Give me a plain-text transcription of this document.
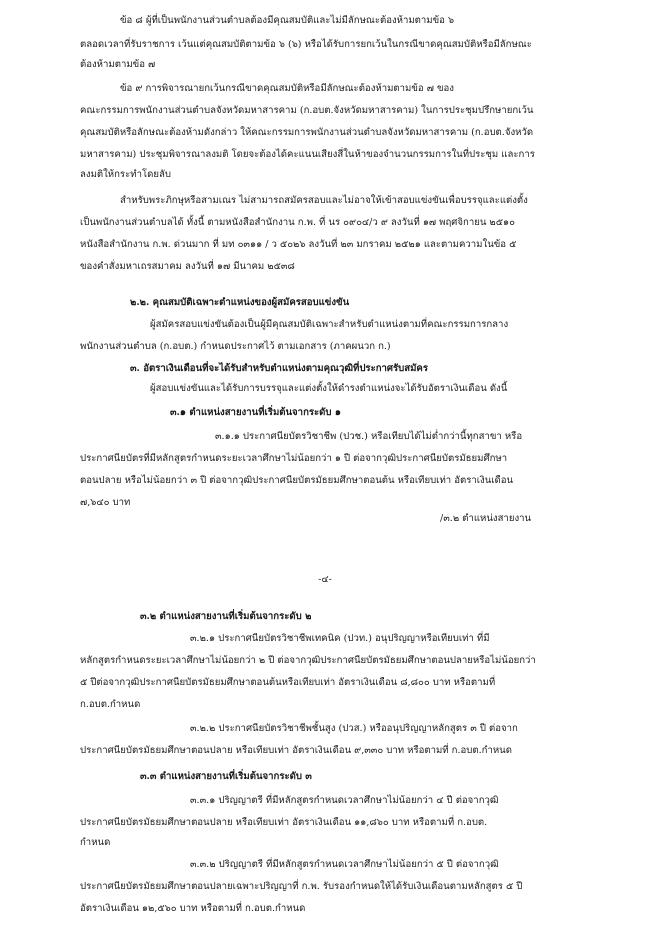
ข้อ ๘ ผู้ที่เป็นพนักงานส่วนตำบลต้องมีคุณสมบัติและไม่มีลักษณะต้องห้ามตามข้อ ๖
ตลอดเวลาที่รับราชการ เว้นแต่คุณสมบัติตามข้อ ๖ (๖) หรือได้รับการยกเว้นในกรณีขาดคุณสมบัติหรือมีลักษณะ
ต้องห้ามตามข้อ ๗
ข้อ ๙ การพิจารณายกเว้นกรณีขาดคุณสมบัติหรือมีลักษณะต้องห้ามตามข้อ ๗ ของ
คณะกรรมการพนักงานส่วนตำบลจังหวัดมหาสารคาม (ก.อบต.จังหวัดมหาสารคาม) ในการประชุมปรึกษายกเว้น
คุณสมบัติหรือลักษณะต้องห้ามดังกล่าว ให้คณะกรรมการพนักงานส่วนตำบลจังหวัดมหาสารคาม (ก.อบต.จังหวัด
มหาสารคาม) ประชุมพิจารณาลงมติ โดยจะต้องได้คะแนนเสียงสี่ในห้าของจำนวนกรรมการในที่ประชุม และการ
ลงมติให้กระทำโดยลับ
สำหรับพระภิกษุหรือสามเณร ไม่สามารถสมัครสอบและไม่อาจให้เข้าสอบแข่งขันเพื่อบรรจุและแต่งตั้ง
เป็นพนักงานส่วนตำบลได้ ทั้งนี้ ตามหนังสือสำนักงาน ก.พ. ที่ นร ๐๙๐๔/ว ๙ ลงวันที่ ๑๗ พฤศจิกายน ๒๕๑๐
หนังสือสำนักงาน ก.พ. ด่วนมาก ที่ มท ๐๓๑๑ / ว ๕๐๒๖ ลงวันที่ ๒๓ มกราคม ๒๕๒๑ และตามความในข้อ ๕
ของคำสั่งมหาเถรสมาคม ลงวันที่ ๑๗ มีนาคม ๒๕๓๘
๒.๒. คุณสมบัติเฉพาะตำแหน่งของผู้สมัครสอบแข่งขัน
ผู้สมัครสอบแข่งขันต้องเป็นผู้มีคุณสมบัติเฉพาะสำหรับตำแหน่งตามที่คณะกรรมการกลาง
พนักงานส่วนตำบล (ก.อบต.) กำหนดประกาศไว้ ตามเอกสาร (ภาคผนวก ก.)
๓. อัตราเงินเดือนที่จะได้รับสำหรับตำแหน่งตามคุณวุฒิที่ประกาศรับสมัคร
ผู้สอบแข่งขันและได้รับการบรรจุและแต่งตั้งให้ดำรงตำแหน่งจะได้รับอัตราเงินเดือน ดังนี้
๓.๑ ตำแหน่งสายงานที่เริ่มต้นจากระดับ ๑
๓.๑.๑ ประกาศนียบัตรวิชาชีพ (ปวช.) หรือเทียบได้ไม่ต่ำกว่านี้ทุกสาขา หรือ
ประกาศนียบัตรที่มีหลักสูตรกำหนดระยะเวลาศึกษาไม่น้อยกว่า ๑ ปี ต่อจากวุฒิประกาศนียบัตรมัธยมศึกษา
ตอนปลาย หรือไม่น้อยกว่า ๓ ปี ต่อจากวุฒิประกาศนียบัตรมัธยมศึกษาตอนต้น หรือเทียบเท่า อัตราเงินเดือน
๗,๖๔๐ บาท
/๓.๒ ตำแหน่งสายงาน
-๔-
๓.๒ ตำแหน่งสายงานที่เริ่มต้นจากระดับ ๒
๓.๒.๑ ประกาศนียบัตรวิชาชีพเทคนิค (ปวท.) อนุปริญญาหรือเทียบเท่า ที่มี
หลักสูตรกำหนดระยะเวลาศึกษาไม่น้อยกว่า ๒ ปี ต่อจากวุฒิประกาศนียบัตรมัธยมศึกษาตอนปลายหรือไม่น้อยกว่า
๕ ปีต่อจากวุฒิประกาศนียบัตรมัธยมศึกษาตอนต้นหรือเทียบเท่า อัตราเงินเดือน ๘,๘๐๐ บาท หรือตามที่
ก.อบต.กำหนด
๓.๒.๒ ประกาศนียบัตรวิชาชีพชั้นสูง (ปวส.) หรืออนุปริญญาหลักสูตร ๓ ปี ต่อจาก
ประกาศนียบัตรมัธยมศึกษาตอนปลาย หรือเทียบเท่า อัตราเงินเดือน ๙,๓๓๐ บาท หรือตามที่ ก.อบต.กำหนด
๓.๓ ตำแหน่งสายงานที่เริ่มต้นจากระดับ ๓
๓.๓.๑ ปริญญาตรี ที่มีหลักสูตรกำหนดเวลาศึกษาไม่น้อยกว่า ๔ ปี ต่อจากวุฒิ
ประกาศนียบัตรมัธยมศึกษาตอนปลาย หรือเทียบเท่า อัตราเงินเดือน ๑๑,๘๖๐ บาท หรือตามที่ ก.อบต.
กำหนด
๓.๓.๒ ปริญญาตรี ที่มีหลักสูตรกำหนดเวลาศึกษาไม่น้อยกว่า ๕ ปี ต่อจากวุฒิ
ประกาศนียบัตรมัธยมศึกษาตอนปลายเฉพาะปริญญาที่ ก.พ. รับรองกำหนดให้ได้รับเงินเดือนตามหลักสูตร ๕ ปี
อัตราเงินเดือน ๑๒,๕๖๐ บาท หรือตามที่ ก.อบต.กำหนด
